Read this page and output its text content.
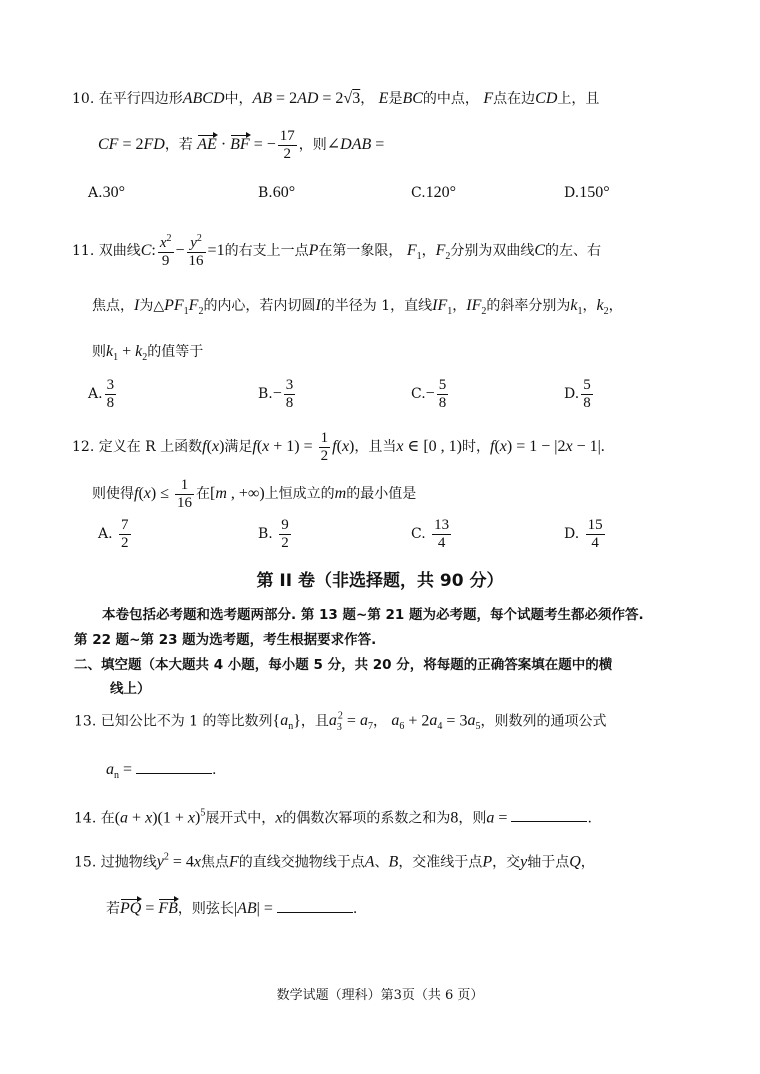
10. 在平行四边形ABCD中，AB = 2AD = 2√3， E是BC的中点， F点在边CD上，且
CF = 2FD，若 AE · BF = − $\frac{17}{2}$ ，则∠DAB =
A.30°	B.60°	C.120°	D.150°
11. 双曲线C: $\frac{x^2}{9} - \frac{y^2}{16} =1$的右支上一点P在第一象限， $F_1$，$F_2$分别为双曲线C的左、右
焦点，I为$\triangle PF_1F_2$的内心，若内切圆I的半径为 1，直线$IF_1$，$IF_2$的斜率分别为$k_1$，$k_2$，
则$k_1 + k_2$的值等于
A. $\frac{3}{8}$	$B.- \frac{3}{8}$	$C.- \frac{5}{8}$	D. $\frac{5}{8}$
12. 定义在 R 上函数f(x)满足$f(x + 1) = \frac{1}{2} f(x)$，且当x ∈ [0 , 1)时，f(x) = 1 − |2x − 1|.
则使得$f(x) \le \frac{1}{16}$ 在[m , +∞)上恒成立的m的最小值是
A. $\frac{7}{2}$	B. $\frac{9}{2}$	C. $\frac{13}{4}$	D. $\frac{15}{4}$
第 II 卷（非选择题，共 90 分）
本卷包括必考题和选考题两部分. 第 13 题~第 21 题为必考题，每个试题考生都必须作答.
第 22 题~第 23 题为选考题，考生根据要求作答.
二、填空题（本大题共 4 小题，每小题 5 分，共 20 分，将每题的正确答案填在题中的横
线上）
13. 已知公比不为 1 的等比数列$\{a_n\}$，且$a_3^2 = a_7$， $a_6 + 2a_4 = 3a_5$，则数列的通项公式
$a_n$ =	.
14. 在$(a + x)(1 + x)^5$展开式中，x的偶数次幂项的系数之和为8，则a =	.
15. 过抛物线$y^2 = 4x$焦点F的直线交抛物线于点A、B，交准线于点P，交y轴于点Q，
若PQ = FB，则弦长|AB| =	.
数学试题（理科）第3页（共 6 页）
